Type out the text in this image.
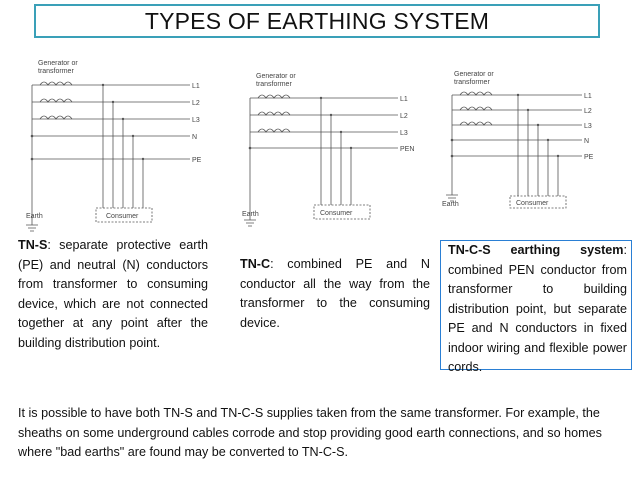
TYPES OF EARTHING SYSTEM
Generator or
transformer
L1
L2
L3
N
PE
Earth	Consumer
Generator or
transformer
L1
L2
L3
PEN
Earth	Consumer
Generator or
transformer
L1
L2
L3
N
PE
Earth	Consumer
TN-S: separate protective earth (PE) and neutral (N) conductors from transformer to consuming device, which are not connected together at any point after the building distribution point.
TN-C: combined PE and N conductor all the way from the transformer to the consuming device.
TN-C-S earthing system: combined PEN conductor from transformer to building distribution point, but separate PE and N conductors in fixed indoor wiring and flexible power cords.
It is possible to have both TN-S and TN-C-S supplies taken from the same transformer. For example, the sheaths on some underground cables corrode and stop providing good earth connections, and so homes where "bad earths" are found may be converted to TN-C-S.
